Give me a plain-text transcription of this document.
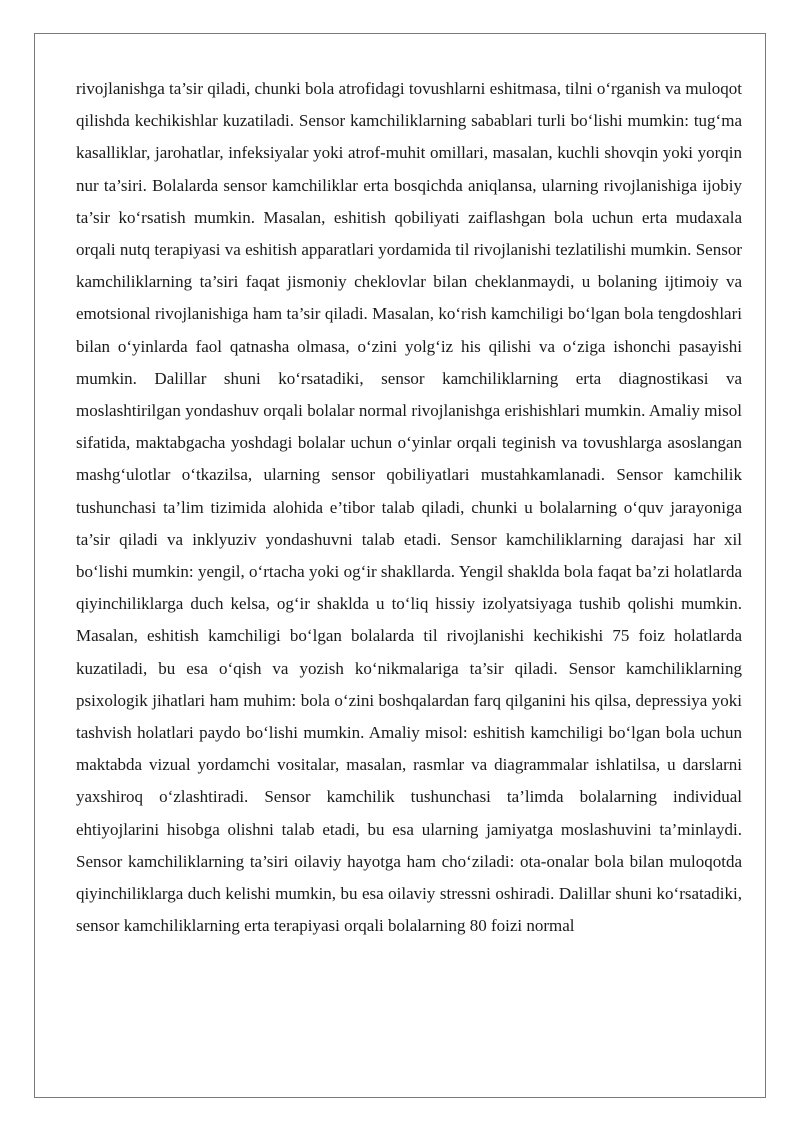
rivojlanishga ta’sir qiladi, chunki bola atrofidagi tovushlarni eshitmasa, tilni o‘rganish va muloqot qilishda kechikishlar kuzatiladi. Sensor kamchiliklarning sabablari turli bo‘lishi mumkin: tug‘ma kasalliklar, jarohatlar, infeksiyalar yoki atrof-muhit omillari, masalan, kuchli shovqin yoki yorqin nur ta’siri. Bolalarda sensor kamchiliklar erta bosqichda aniqlansa, ularning rivojlanishiga ijobiy ta’sir ko‘rsatish mumkin. Masalan, eshitish qobiliyati zaiflashgan bola uchun erta mudaxala orqali nutq terapiyasi va eshitish apparatlari yordamida til rivojlanishi tezlatilishi mumkin. Sensor kamchiliklarning ta’siri faqat jismoniy cheklovlar bilan cheklanmaydi, u bolaning ijtimoiy va emotsional rivojlanishiga ham ta’sir qiladi. Masalan, ko‘rish kamchiligi bo‘lgan bola tengdoshlari bilan o‘yinlarda faol qatnasha olmasa, o‘zini yolg‘iz his qilishi va o‘ziga ishonchi pasayishi mumkin. Dalillar shuni ko‘rsatadiki, sensor kamchiliklarning erta diagnostikasi va moslashtirilgan yondashuv orqali bolalar normal rivojlanishga erishishlari mumkin. Amaliy misol sifatida, maktabgacha yoshdagi bolalar uchun o‘yinlar orqali teginish va tovushlarga asoslangan mashg‘ulotlar o‘tkazilsa, ularning sensor qobiliyatlari mustahkamlanadi. Sensor kamchilik tushunchasi ta’lim tizimida alohida e’tibor talab qiladi, chunki u bolalarning o‘quv jarayoniga ta’sir qiladi va inklyuziv yondashuvni talab etadi. Sensor kamchiliklarning darajasi har xil bo‘lishi mumkin: yengil, o‘rtacha yoki og‘ir shakllarda. Yengil shaklda bola faqat ba’zi holatlarda qiyinchiliklarga duch kelsa, og‘ir shaklda u to‘liq hissiy izolyatsiyaga tushib qolishi mumkin. Masalan, eshitish kamchiligi bo‘lgan bolalarda til rivojlanishi kechikishi 75 foiz holatlarda kuzatiladi, bu esa o‘qish va yozish ko‘nikmalariga ta’sir qiladi. Sensor kamchiliklarning psixologik jihatlari ham muhim: bola o‘zini boshqalardan farq qilganini his qilsa, depressiya yoki tashvish holatlari paydo bo‘lishi mumkin. Amaliy misol: eshitish kamchiligi bo‘lgan bola uchun maktabda vizual yordamchi vositalar, masalan, rasmlar va diagrammalar ishlatilsa, u darslarni yaxshiroq o‘zlashtiradi. Sensor kamchilik tushunchasi ta’limda bolalarning individual ehtiyojlarini hisobga olishni talab etadi, bu esa ularning jamiyatga moslashuvini ta’minlaydi. Sensor kamchiliklarning ta’siri oilaviy hayotga ham cho‘ziladi: ota-onalar bola bilan muloqotda qiyinchiliklarga duch kelishi mumkin, bu esa oilaviy stressni oshiradi. Dalillar shuni ko‘rsatadiki, sensor kamchiliklarning erta terapiyasi orqali bolalarning 80 foizi normal
